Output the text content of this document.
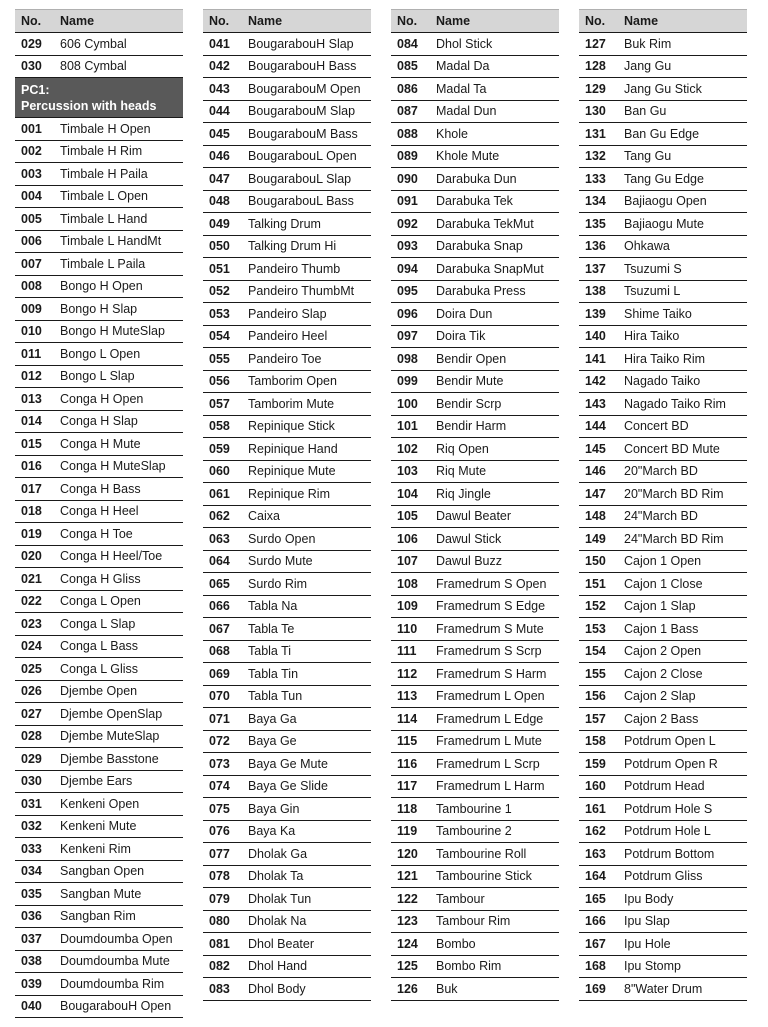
No.	Name
029	606 Cymbal
030	808 Cymbal
PC1:
Percussion with heads
001	Timbale H Open
002	Timbale H Rim
003	Timbale H Paila
004	Timbale L Open
005	Timbale L Hand
006	Timbale L HandMt
007	Timbale L Paila
008	Bongo H Open
009	Bongo H Slap
010	Bongo H MuteSlap
011	Bongo L Open
012	Bongo L Slap
013	Conga H Open
014	Conga H Slap
015	Conga H Mute
016	Conga H MuteSlap
017	Conga H Bass
018	Conga H Heel
019	Conga H Toe
020	Conga H Heel/Toe
021	Conga H Gliss
022	Conga L Open
023	Conga L Slap
024	Conga L Bass
025	Conga L Gliss
026	Djembe Open
027	Djembe OpenSlap
028	Djembe MuteSlap
029	Djembe Basstone
030	Djembe Ears
031	Kenkeni Open
032	Kenkeni Mute
033	Kenkeni Rim
034	Sangban Open
035	Sangban Mute
036	Sangban Rim
037	Doumdoumba Open
038	Doumdoumba Mute
039	Doumdoumba Rim
040	BougarabouH Open
No.	Name
041	BougarabouH Slap
042	BougarabouH Bass
043	BougarabouM Open
044	BougarabouM Slap
045	BougarabouM Bass
046	BougarabouL Open
047	BougarabouL Slap
048	BougarabouL Bass
049	Talking Drum
050	Talking Drum Hi
051	Pandeiro Thumb
052	Pandeiro ThumbMt
053	Pandeiro Slap
054	Pandeiro Heel
055	Pandeiro Toe
056	Tamborim Open
057	Tamborim Mute
058	Repinique Stick
059	Repinique Hand
060	Repinique Mute
061	Repinique Rim
062	Caixa
063	Surdo Open
064	Surdo Mute
065	Surdo Rim
066	Tabla Na
067	Tabla Te
068	Tabla Ti
069	Tabla Tin
070	Tabla Tun
071	Baya Ga
072	Baya Ge
073	Baya Ge Mute
074	Baya Ge Slide
075	Baya Gin
076	Baya Ka
077	Dholak Ga
078	Dholak Ta
079	Dholak Tun
080	Dholak Na
081	Dhol Beater
082	Dhol Hand
083	Dhol Body
No.	Name
084	Dhol Stick
085	Madal Da
086	Madal Ta
087	Madal Dun
088	Khole
089	Khole Mute
090	Darabuka Dun
091	Darabuka Tek
092	Darabuka TekMut
093	Darabuka Snap
094	Darabuka SnapMut
095	Darabuka Press
096	Doira Dun
097	Doira Tik
098	Bendir Open
099	Bendir Mute
100	Bendir Scrp
101	Bendir Harm
102	Riq Open
103	Riq Mute
104	Riq Jingle
105	Dawul Beater
106	Dawul Stick
107	Dawul Buzz
108	Framedrum S Open
109	Framedrum S Edge
110	Framedrum S Mute
111	Framedrum S Scrp
112	Framedrum S Harm
113	Framedrum L Open
114	Framedrum L Edge
115	Framedrum L Mute
116	Framedrum L Scrp
117	Framedrum L Harm
118	Tambourine 1
119	Tambourine 2
120	Tambourine Roll
121	Tambourine Stick
122	Tambour
123	Tambour Rim
124	Bombo
125	Bombo Rim
126	Buk
No.	Name
127	Buk Rim
128	Jang Gu
129	Jang Gu Stick
130	Ban Gu
131	Ban Gu Edge
132	Tang Gu
133	Tang Gu Edge
134	Bajiaogu Open
135	Bajiaogu Mute
136	Ohkawa
137	Tsuzumi S
138	Tsuzumi L
139	Shime Taiko
140	Hira Taiko
141	Hira Taiko Rim
142	Nagado Taiko
143	Nagado Taiko Rim
144	Concert BD
145	Concert BD Mute
146	20"March BD
147	20"March BD Rim
148	24"March BD
149	24"March BD Rim
150	Cajon 1 Open
151	Cajon 1 Close
152	Cajon 1 Slap
153	Cajon 1 Bass
154	Cajon 2 Open
155	Cajon 2 Close
156	Cajon 2 Slap
157	Cajon 2 Bass
158	Potdrum Open L
159	Potdrum Open R
160	Potdrum Head
161	Potdrum Hole S
162	Potdrum Hole L
163	Potdrum Bottom
164	Potdrum Gliss
165	Ipu Body
166	Ipu Slap
167	Ipu Hole
168	Ipu Stomp
169	8"Water Drum
